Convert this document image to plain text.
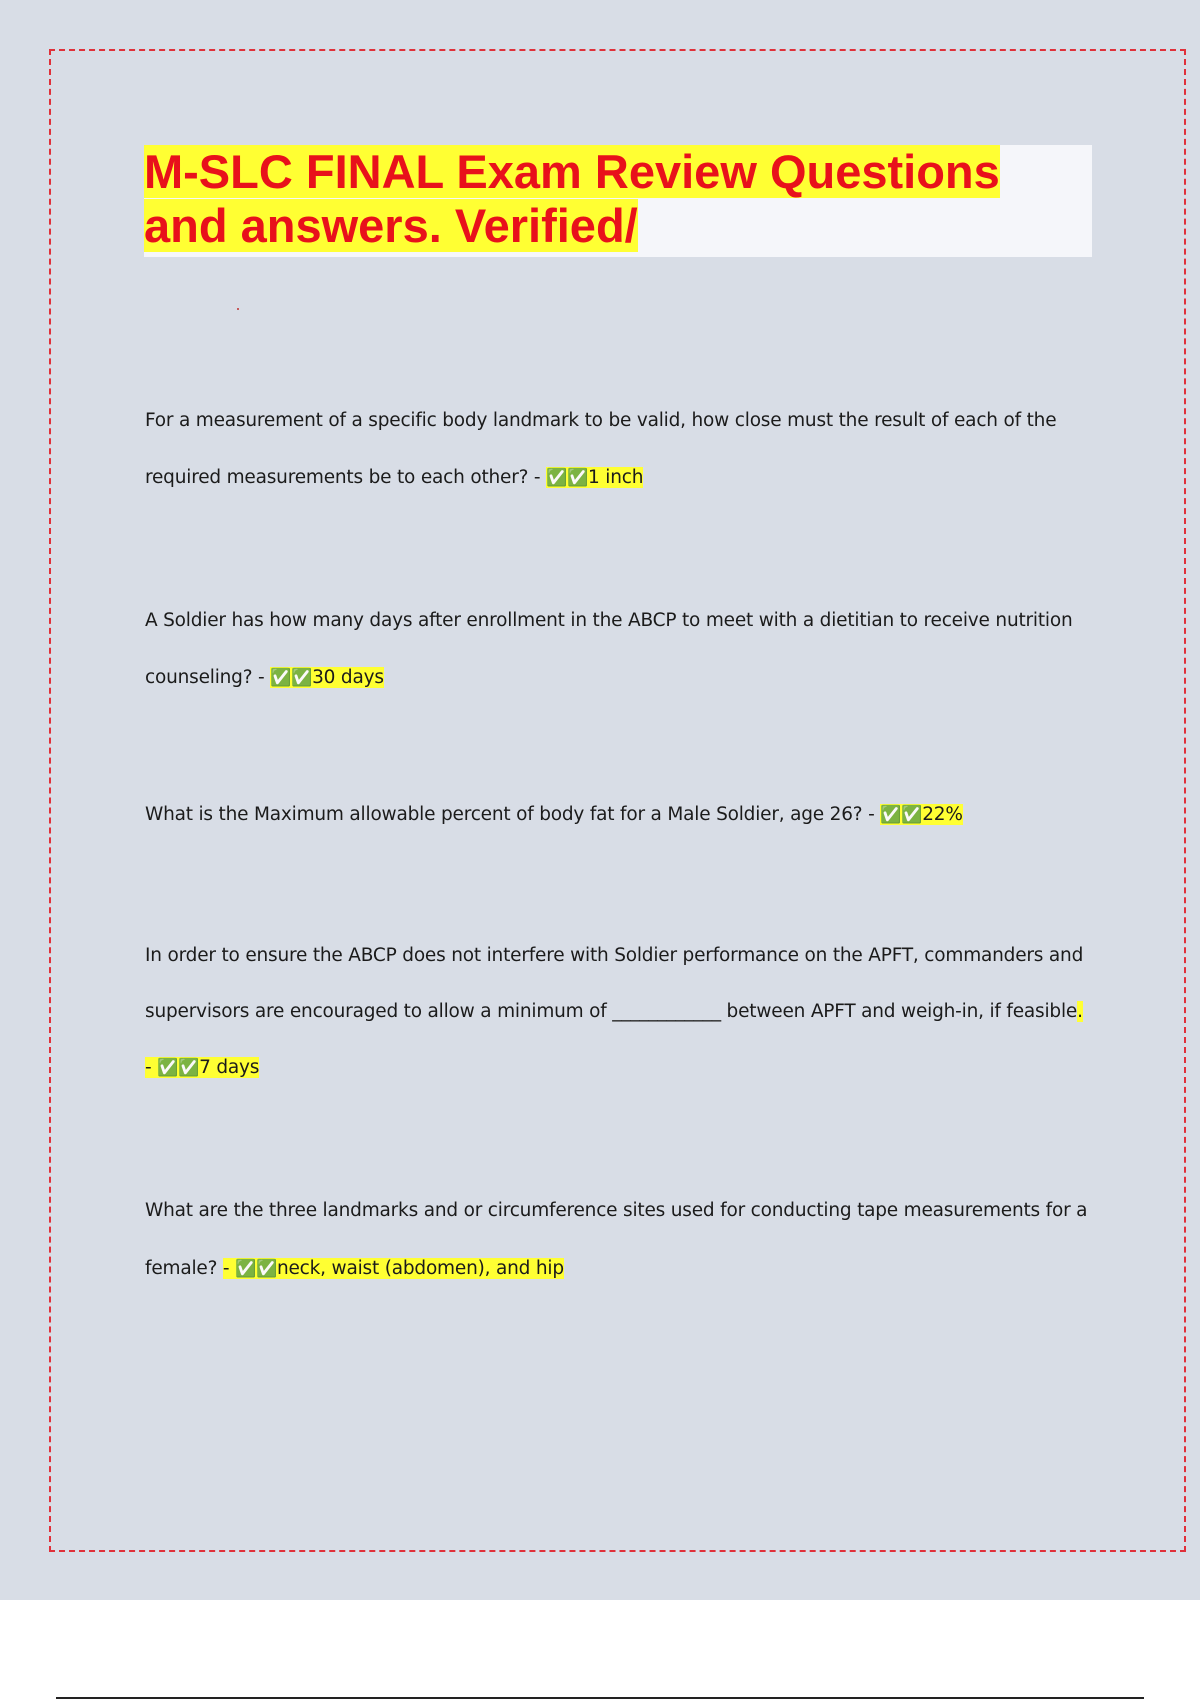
M-SLC FINAL Exam Review Questions
and answers. Verified/

For a measurement of a specific body landmark to be valid, how close must the result of each of the required measurements be to each other? - ✅✅1 inch

A Soldier has how many days after enrollment in the ABCP to meet with a dietitian to receive nutrition counseling? - ✅✅30 days

What is the Maximum allowable percent of body fat for a Male Soldier, age 26? - ✅✅22%

In order to ensure the ABCP does not interfere with Soldier performance on the APFT, commanders and supervisors are encouraged to allow a minimum of ____________ between APFT and weigh-in, if feasible. - ✅✅7 days

What are the three landmarks and or circumference sites used for conducting tape measurements for a female? - ✅✅neck, waist (abdomen), and hip
